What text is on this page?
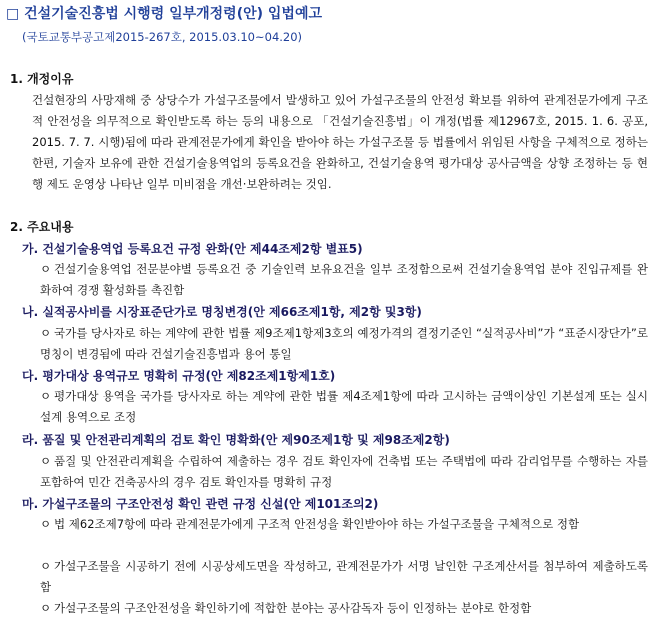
□ 건설기술진흥법 시행령 일부개정령(안) 입법예고
(국토교통부공고제2015-267호, 2015.03.10~04.20)
1. 개정이유

건설현장의 사망재해 중 상당수가 가설구조물에서 발생하고 있어 가설구조물의 안전성 확보를 위하여 관계전문가에게 구조적 안전성을 의무적으로 확인받도록 하는 등의 내용으로 「건설기술진흥법」이 개정(법률 제12967호, 2015. 1. 6. 공포, 2015. 7. 7. 시행)됨에 따라 관계전문가에게 확인을 받아야 하는 가설구조물 등 법률에서 위임된 사항을 구체적으로 정하는 한편, 기술자 보유에 관한 건설기술용역업의 등록요건을 완화하고, 건설기술용역 평가대상 공사금액을 상향 조정하는 등 현행 제도 운영상 나타난 일부 미비점을 개선·보완하려는 것임.

2. 주요내용
가. 건설기술용역업 등록요건 규정 완화(안 제44조제2항 별표5)

ㅇ 건설기술용역업 전문분야별 등록요건 중 기술인력 보유요건을 일부 조정함으로써 건설기술용역업 분야 진입규제를 완화하여 경쟁 활성화를 촉진함

나. 실적공사비를 시장표준단가로 명칭변경(안 제66조제1항, 제2항 및3항)

ㅇ 국가를 당사자로 하는 계약에 관한 법률 제9조제1항제3호의 예정가격의 결정기준인 “실적공사비”가 “표준시장단가”로 명칭이 변경됨에 따라 건설기술진흥법과 용어 통일

다. 평가대상 용역규모 명확히 규정(안 제82조제1항제1호)

ㅇ 평가대상 용역을 국가를 당사자로 하는 계약에 관한 법률 제4조제1항에 따라 고시하는 금액이상인 기본설계 또는 실시설계 용역으로 조정

라. 품질 및 안전관리계획의 검토 확인 명확화(안 제90조제1항 및 제98조제2항)

ㅇ 품질 및 안전관리계획을 수립하여 제출하는 경우 검토 확인자에 건축법 또는 주택법에 따라 감리업무를 수행하는 자를 포함하여 민간 건축공사의 경우 검토 확인자를 명확히 규정

마. 가설구조물의 구조안전성 확인 관련 규정 신설(안 제101조의2)

ㅇ 법 제62조제7항에 따라 관계전문가에게 구조적 안전성을 확인받아야 하는 가설구조물을 구체적으로 정함

ㅇ 가설구조물을 시공하기 전에 시공상세도면을 작성하고, 관계전문가가 서명 날인한 구조계산서를 첨부하여 제출하도록 함

ㅇ 가설구조물의 구조안전성을 확인하기에 적합한 분야는 공사감독자 등이 인정하는 분야로 한정함
